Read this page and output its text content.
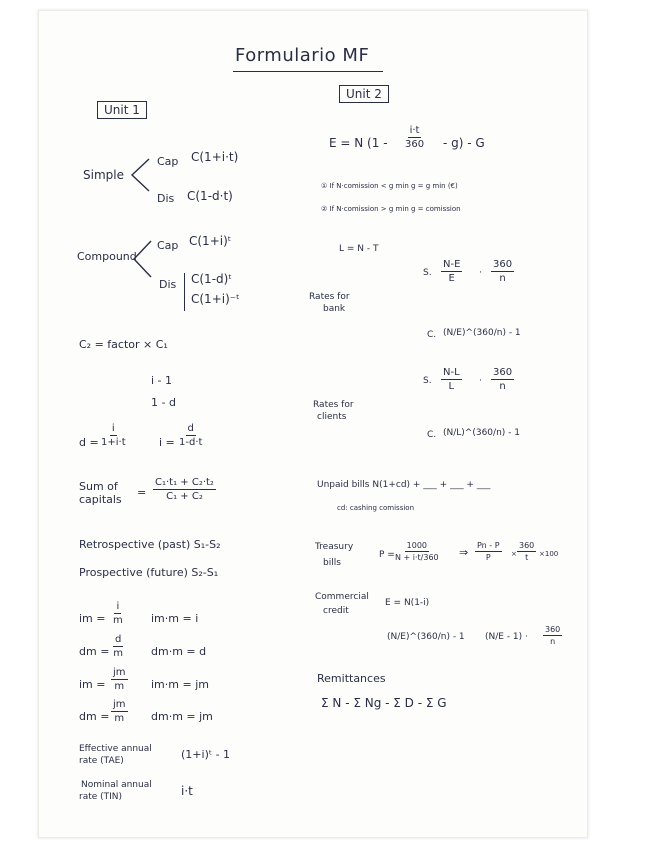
Formulario MF
Unit 1
Simple
Cap C(1+i·t)
Dis C(1-d·t)
Compound
Cap C(1+i)ᵗ
Dis C(1-d)ᵗ
C(1+i)⁻ᵗ
C₂ = factor × C₁
i - 1
1 - d
$d = \frac{i}{1+i\cdot t}$	$i = \frac{d}{1-d\cdot t}$
Sum of
capitals
= $\frac{\text{C₁·t₁ + C₂·t₂}}{\text{C₁ + C₂}}$
Retrospective (past) S₁-S₂
Prospective (future) S₂-S₁
im = $\frac{i}{m}$	im·m = i
dm = $\frac{d}{m}$	dm·m = d
im = $\frac{jm}{m} im\cdot m$ = jm
dm = $\frac{jm}{m} dm\cdot m$ = jm
Effective annual
rate (TAE)	(1+i)ᵗ - 1
Nominal annual
rate (TIN)	i·t
Unit 2
E = N $(1 - \frac{i\cdot t}{360} - g)$ - G
① If N·comission < g min g = g min (€)
② If N·comission > g min g = comission
L = N - T
Rates for
bank
S. $\frac{N-E}{E} \cdot \frac{360}{n}$
C. (N/E)^(360/n) - 1
Rates for
clients
S. $\frac{N-L}{L} \cdot \frac{360}{n}$
C. (N/L)^(360/n) - 1
Unpaid bills N(1+cd) + ___ + ___ + ___
cd: cashing comission
Treasury
bills
$P = \frac{1000}{N + i\cdot t/360}$ ⇒ $\frac{Pn - P}{P} \times \frac{360}{t} \times 100$
Commercial
credit
E = N(1-i)
(N/E)^(360/n) - 1 $(N/E - 1) \cdot \frac{360}{n}$
Remittances
Σ N - Σ Ng - Σ D - Σ G
